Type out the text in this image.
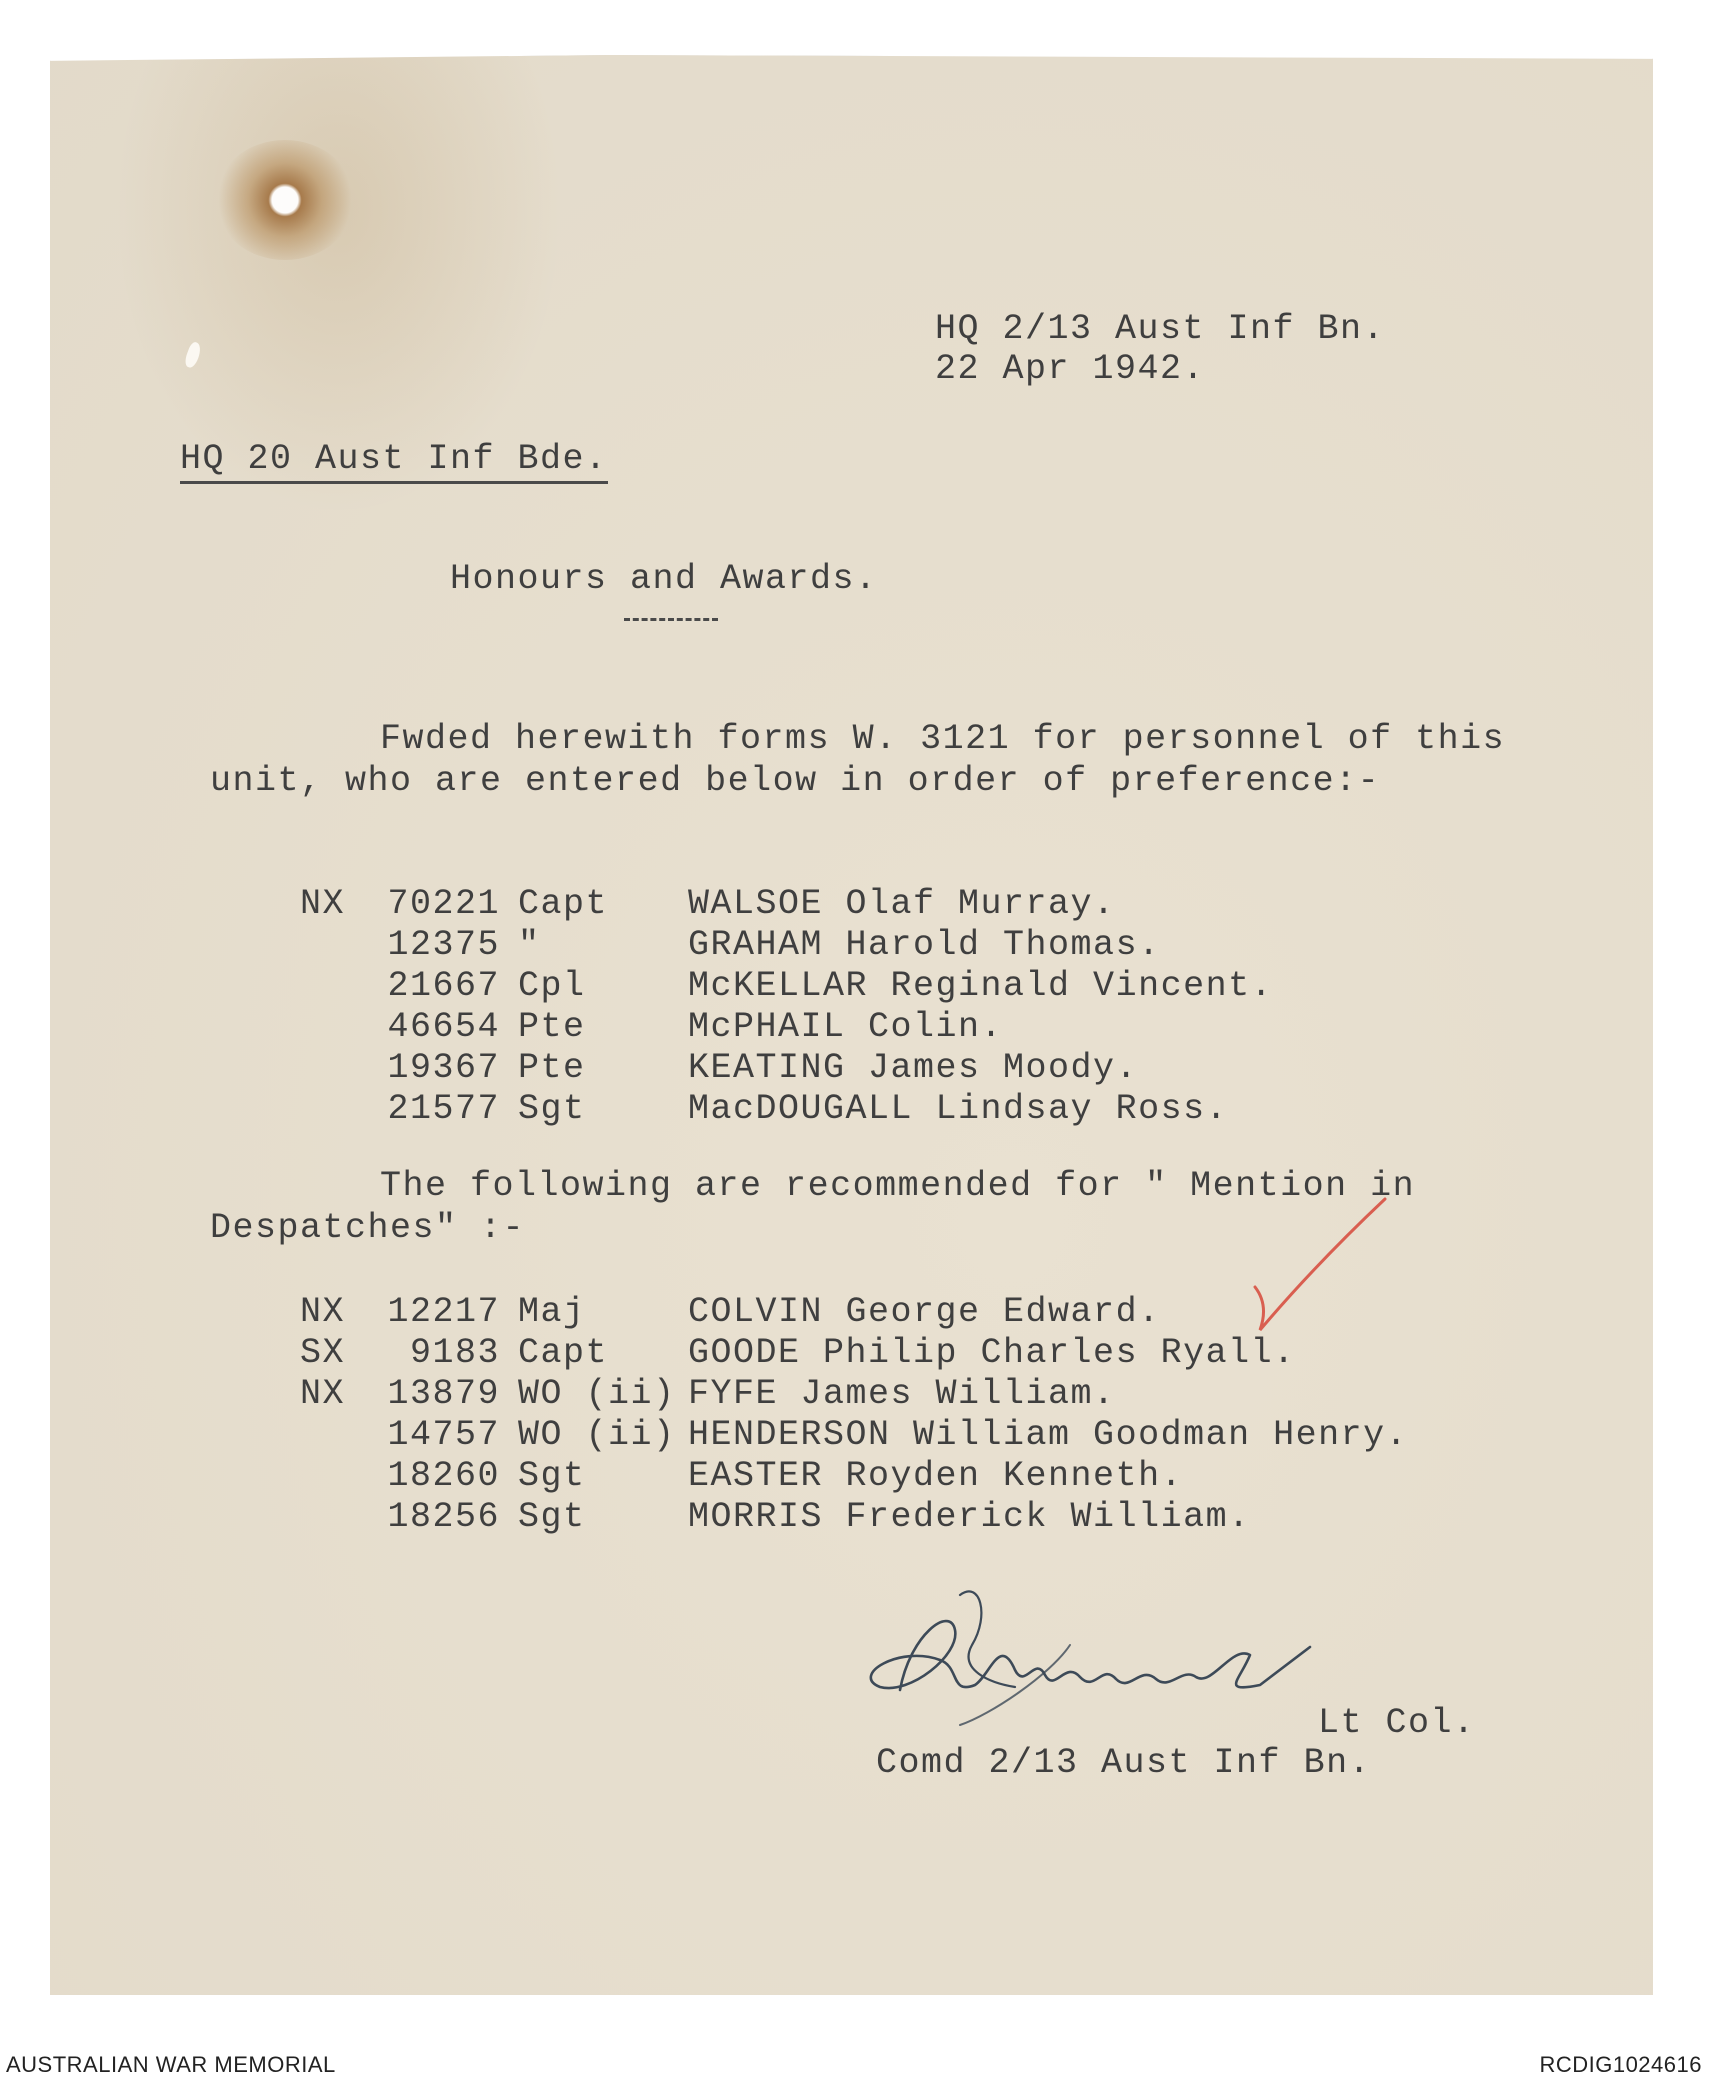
HQ 2/13 Aust Inf Bn.
22 Apr 1942.
HQ 20 Aust Inf Bde.
Honours and Awards.

Fwded herewith forms W. 3121 for personnel of this unit, who are entered below in order of preference:-

NX	70221	Capt	WALSOE Olaf Murray.
	12375	"	GRAHAM Harold Thomas.
	21667	Cpl	McKELLAR Reginald Vincent.
	46654	Pte	McPHAIL Colin.
	19367	Pte	KEATING James Moody.
	21577	Sgt	MacDOUGALL Lindsay Ross.

The following are recommended for " Mention in Despatches" :-

NX	12217	Maj	COLVIN George Edward.
SX	9183	Capt	GOODE Philip Charles Ryall.
NX	13879	WO (ii)	FYFE James William.
	14757	WO (ii)	HENDERSON William Goodman Henry.
	18260	Sgt	EASTER Royden Kenneth.
	18256	Sgt	MORRIS Frederick William.
Lt Col.
Comd 2/13 Aust Inf Bn.
AUSTRALIAN WAR MEMORIAL	RCDIG1024616
